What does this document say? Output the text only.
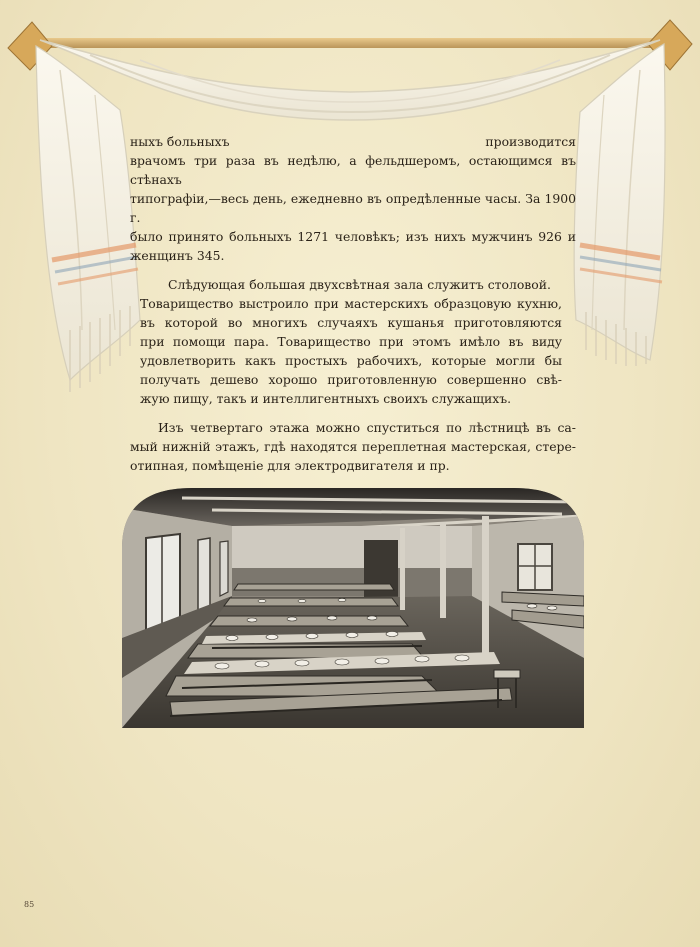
ныхъ больныхъ	производится
врачомъ три раза въ недѣлю, а фельдшеромъ, остающимся въ стѣнахъ
типографіи,—весь день, ежедневно въ опредѣленные часы. За 1900 г.
было принято больныхъ 1271 человѣкъ; изъ нихъ мужчинъ 926 и
женщинъ 345.

Слѣдующая большая двухсвѣтная зала служитъ столовой.
Товарищество выстроило при мастерскихъ образцовую кухню,
въ которой во многихъ случаяхъ кушанья приготовляются
при помощи пара. Товарищество при этомъ имѣло въ виду
удовлетворить какъ простыхъ рабочихъ, которые могли бы
получать дешево хорошо приготовленную совершенно свѣ-
жую пищу, такъ и интеллигентныхъ своихъ служащихъ.

Изъ четвертаго этажа можно спуститься по лѣстницѣ въ са-
мый нижній этажъ, гдѣ находятся переплетная мастерская, стере-
отипная, помѣщеніе для электродвигателя и пр.

85
